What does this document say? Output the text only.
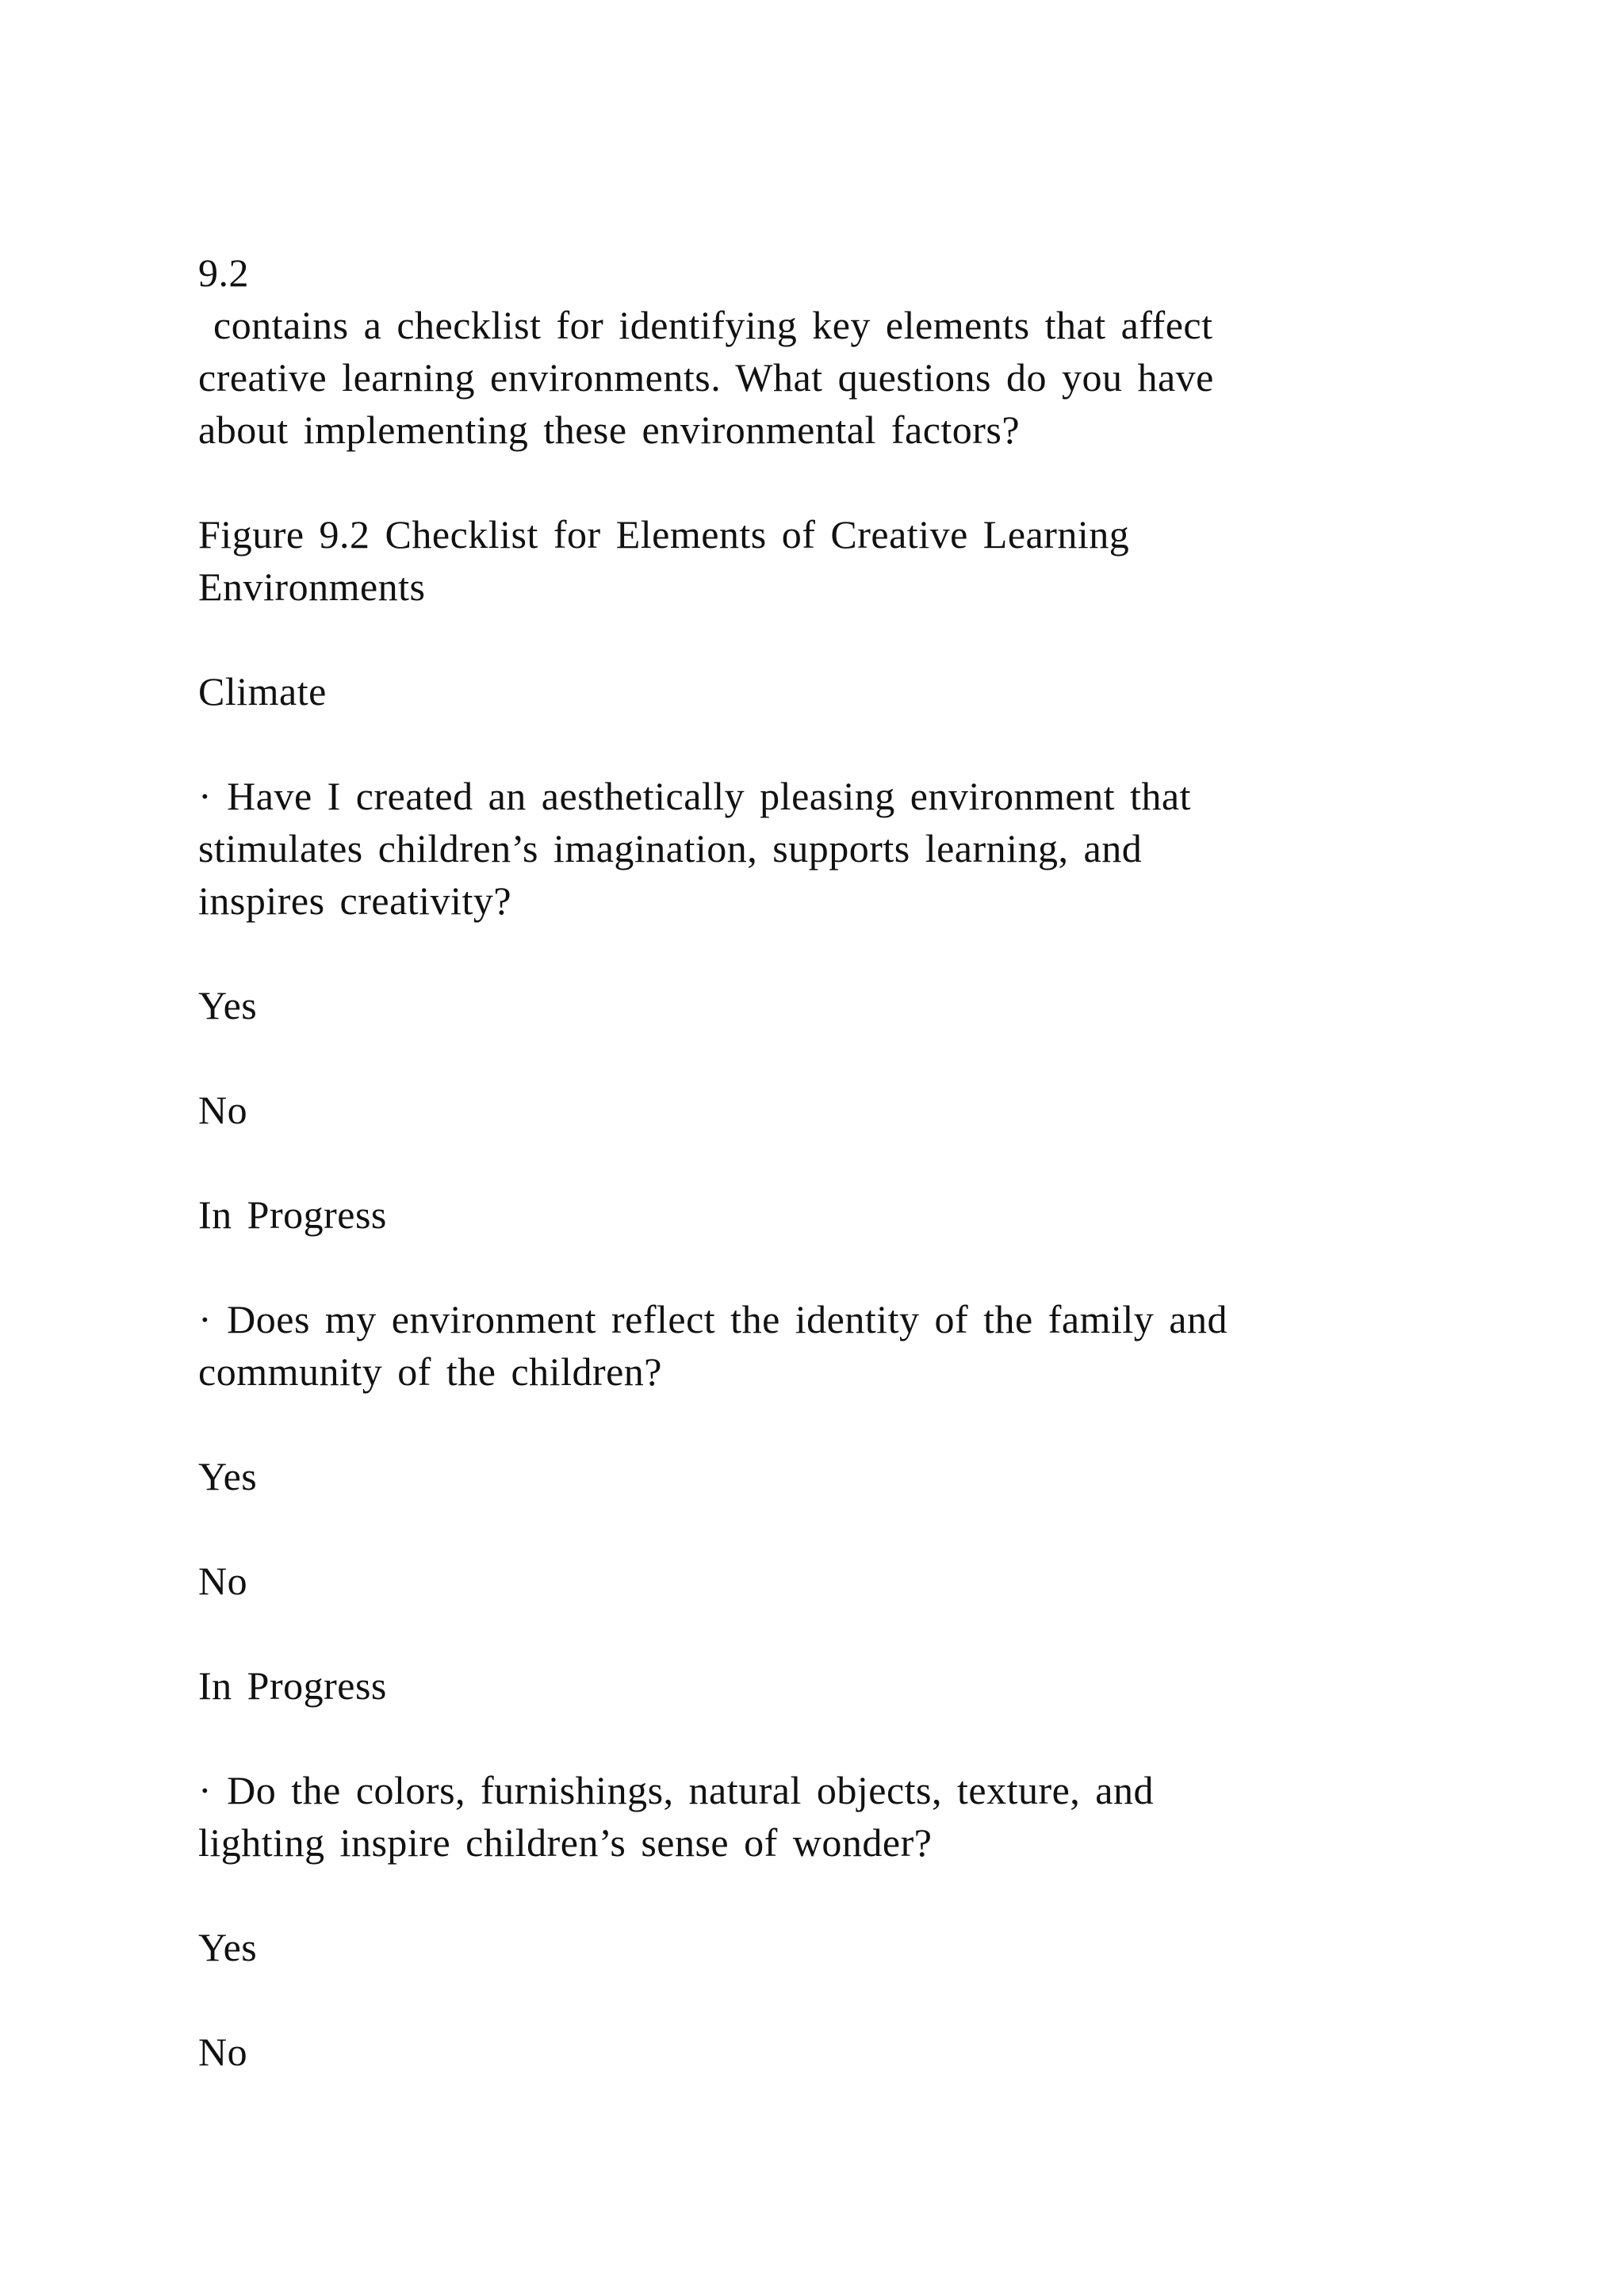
9.2
contains a checklist for identifying key elements that affect
creative learning environments. What questions do you have
about implementing these environmental factors?
Figure 9.2 Checklist for Elements of Creative Learning
Environments
Climate
· Have I created an aesthetically pleasing environment that
stimulates children’s imagination, supports learning, and
inspires creativity?
Yes
No
In Progress
· Does my environment reflect the identity of the family and
community of the children?
Yes
No
In Progress
· Do the colors, furnishings, natural objects, texture, and
lighting inspire children’s sense of wonder?
Yes
No
